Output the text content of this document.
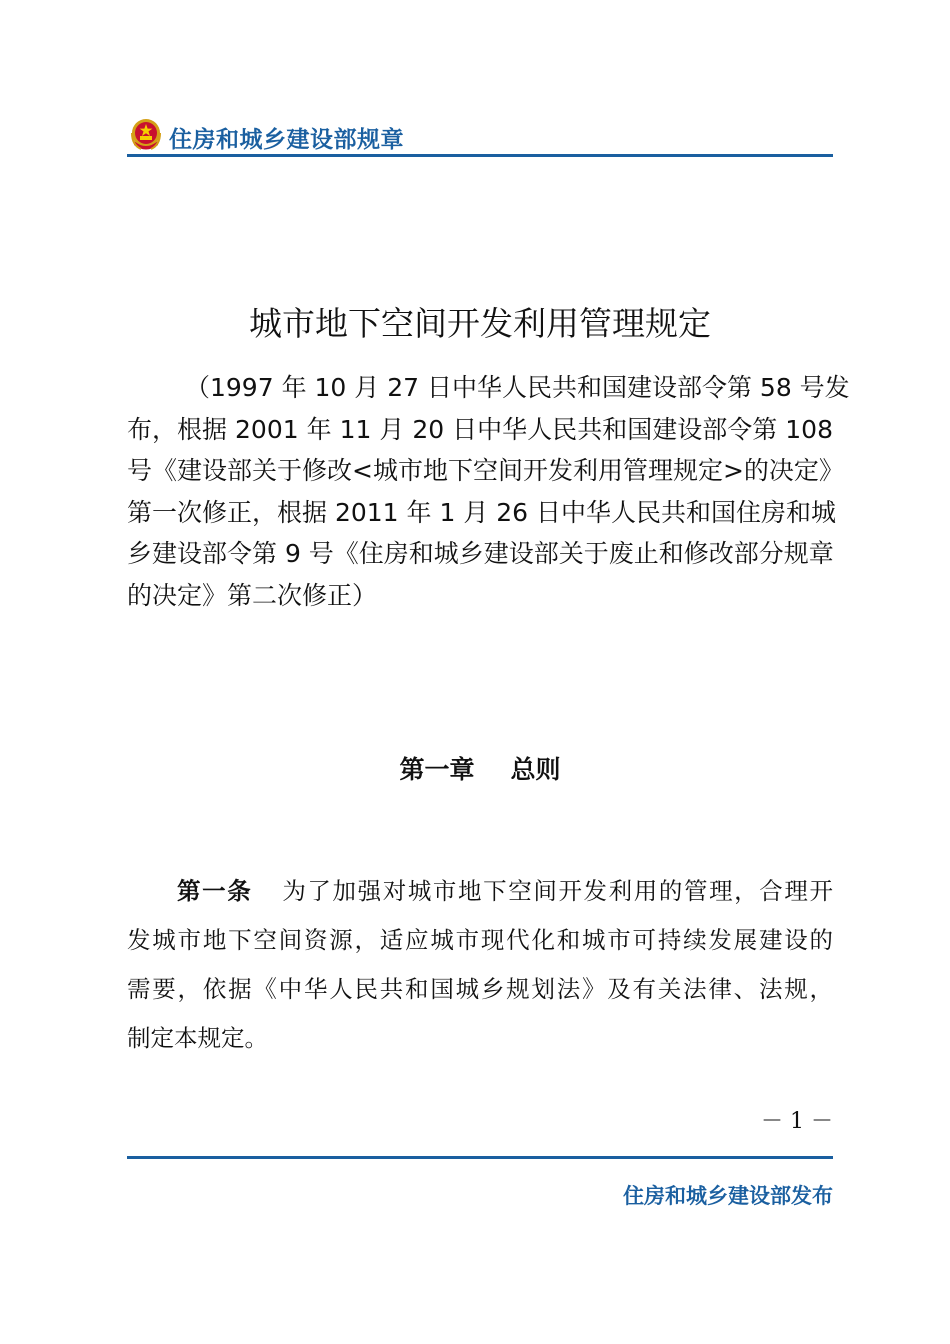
住房和城乡建设部规章
城市地下空间开发利用管理规定
（1997 年 10 月 27 日中华人民共和国建设部令第 58 号发
布，根据 2001 年 11 月 20 日中华人民共和国建设部令第 108
号《建设部关于修改<城市地下空间开发利用管理规定>的决定》
第一次修正，根据 2011 年 1 月 26 日中华人民共和国住房和城
乡建设部令第 9 号《住房和城乡建设部关于废止和修改部分规章
的决定》第二次修正）
第一章 总则
第一条 为了加强对城市地下空间开发利用的管理，合理开
发城市地下空间资源，适应城市现代化和城市可持续发展建设的
需要，依据《中华人民共和国城乡规划法》及有关法律、法规，
制定本规定。
－ 1 －
住房和城乡建设部发布
